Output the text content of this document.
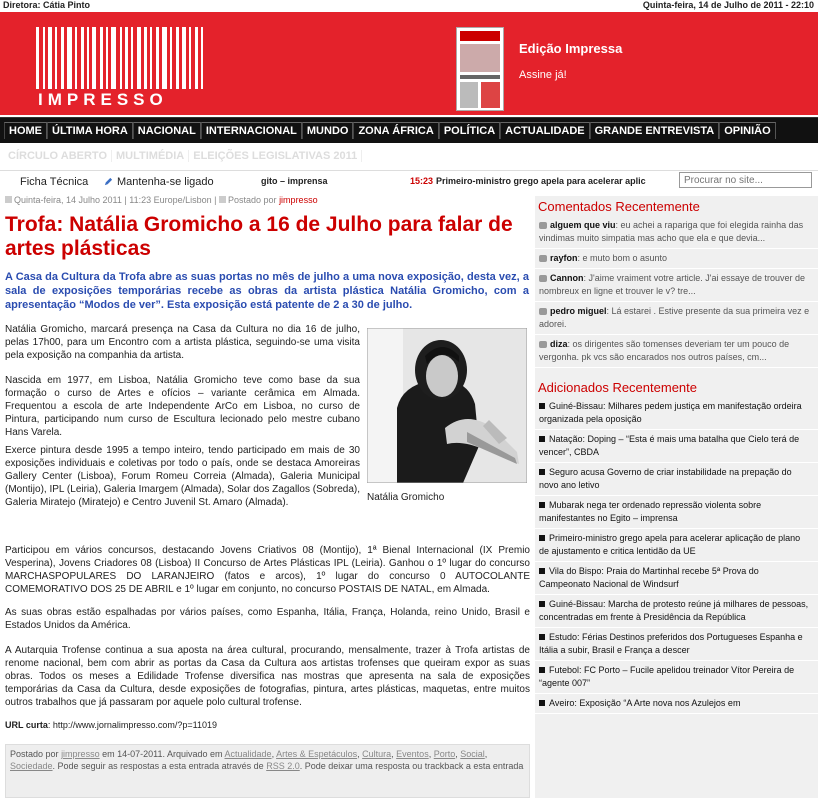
Diretora: Cátia Pinto	Quinta-feira, 14 de Julho de 2011 - 22:10
IMPRESSO
Edição Impressa
Assine já!
HOME ÚLTIMA HORA NACIONAL INTERNACIONAL MUNDO ZONA ÁFRICA POLÍTICA ACTUALIDADE GRANDE ENTREVISTA OPINIÃO
CÍRCULO ABERTO MULTIMÉDIA ELEIÇÕES LEGISLATIVAS 2011
Ficha Técnica	Mantenha-se ligado	gito – imprensa	15:23 Primeiro-ministro grego apela para acelerar aplic
Procurar no site...
Quinta-feira, 14 Julho 2011 | 11:23 Europe/Lisbon | Postado por jimpresso
Trofa: Natália Gromicho a 16 de Julho para falar de artes plásticas

A Casa da Cultura da Trofa abre as suas portas no mês de julho a uma nova exposição, desta vez, a sala de exposições temporárias recebe as obras da artista plástica Natália Gromicho, com a apresentação “Modos de ver”. Esta exposição está patente de 2 a 30 de julho.

Natália Gromicho, marcará presença na Casa da Cultura no dia 16 de julho, pelas 17h00, para um Encontro com a artista plástica, seguindo-se uma visita pela exposição na companhia da artista.

Nascida em 1977, em Lisboa, Natália Gromicho teve como base da sua formação o curso de Artes e ofícios – variante cerâmica em Almada. Frequentou a escola de arte Independente ArCo em Lisboa, no curso de Pintura, participando num curso de Escultura lecionado pelo mestre cubano Hans Varela.

Exerce pintura desde 1995 a tempo inteiro, tendo participado em mais de 30 exposições individuais e coletivas por todo o país, onde se destaca Amoreiras Gallery Center (Lisboa), Forum Romeu Correia (Almada), Galeria Municipal (Montijo), IPL (Leiria), Galeria Imargem (Almada), Solar dos Zagallos (Sobreda), Galeria Miratejo (Miratejo) e Centro Juvenil St. Amaro (Almada).	Natália Gromicho

Participou em vários concursos, destacando Jovens Criativos 08 (Montijo), 1ª Bienal Internacional (IX Premio Vesperina), Jovens Criadores 08 (Lisboa) II Concurso de Artes Plásticas IPL (Leiria). Ganhou o 1º lugar do concurso MARCHASPOPULARES DO LARANJEIRO (fatos e arcos), 1º lugar do concurso 0 AUTOCOLANTE COMEMORATIVO DOS 25 DE ABRIL e 1º lugar em conjunto, no concurso POSTAIS DE NATAL, em Almada.

As suas obras estão espalhadas por vários países, como Espanha, Itália, França, Holanda, reino Unido, Brasil e Estados Unidos da América.

A Autarquia Trofense continua a sua aposta na área cultural, procurando, mensalmente, trazer à Trofa artistas de renome nacional, bem com abrir as portas da Casa da Cultura aos artistas trofenses que queiram expor as suas obras. Todos os meses a Edilidade Trofense diversifica nas mostras que apresenta na sala de exposições temporárias da Casa da Cultura, desde exposições de fotografias, pintura, artes plásticas, maquetas, entre muitos outros trabalhos que já passaram por aquele polo cultural trofense.

URL curta: http://www.jornalimpresso.com/?p=11019
Postado por jimpresso em 14-07-2011. Arquivado em Actualidade, Artes & Espetáculos, Cultura, Eventos, Porto, Social, Sociedade. Pode seguir as respostas a esta entrada através de RSS 2.0. Pode deixar uma resposta ou trackback a esta entrada
Comentados Recentemente
alguem que viu: eu achei a rapariga que foi elegida rainha das vindimas muito simpatia mas acho que ela e que devia...
rayfon: e muto bom o asunto
Cannon: J'aime vraiment votre article. J'ai essaye de trouver de nombreux en ligne et trouver le v? tre...
pedro miguel: Lá estarei . Estive presente da sua primeira vez e adorei.
diza: os dirigentes são tomenses deveriam ter um pouco de vergonha. pk vcs são encarados nos outros países, cm...
Adicionados Recentemente
Guiné-Bissau: Milhares pedem justiça em manifestação ordeira organizada pela oposição
Natação: Doping – “Esta é mais uma batalha que Cielo terá de vencer”, CBDA
Seguro acusa Governo de criar instabilidade na prepação do novo ano letivo
Mubarak nega ter ordenado repressão violenta sobre manifestantes no Egito – imprensa
Primeiro-ministro grego apela para acelerar aplicação de plano de ajustamento e critica lentidão da UE
Vila do Bispo: Praia do Martinhal recebe 5ª Prova do Campeonato Nacional de Windsurf
Guiné-Bissau: Marcha de protesto reúne já milhares de pessoas, concentradas em frente à Presidência da República
Estudo: Férias Destinos preferidos dos Portugueses Espanha e Itália a subir, Brasil e França a descer
Futebol: FC Porto – Fucile apelidou treinador Vítor Pereira de “agente 007”
Aveiro: Exposição “A Arte nova nos Azulejos em
